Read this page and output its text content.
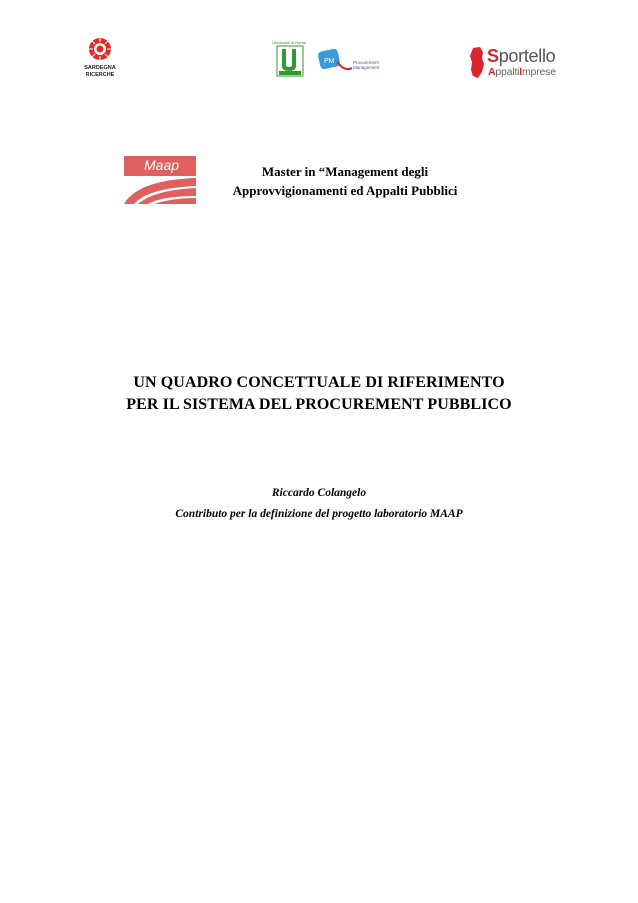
SARDEGNA
RICERCHE
Università di Roma
PM	Procurement
Management
Sportello
AppaltiImprese
Maap	Master in “Management degli
Approvvigionamenti ed Appalti Pubblici
UN QUADRO CONCETTUALE DI RIFERIMENTO
PER IL SISTEMA DEL PROCUREMENT PUBBLICO
Riccardo Colangelo
Contributo per la definizione del progetto laboratorio MAAP
